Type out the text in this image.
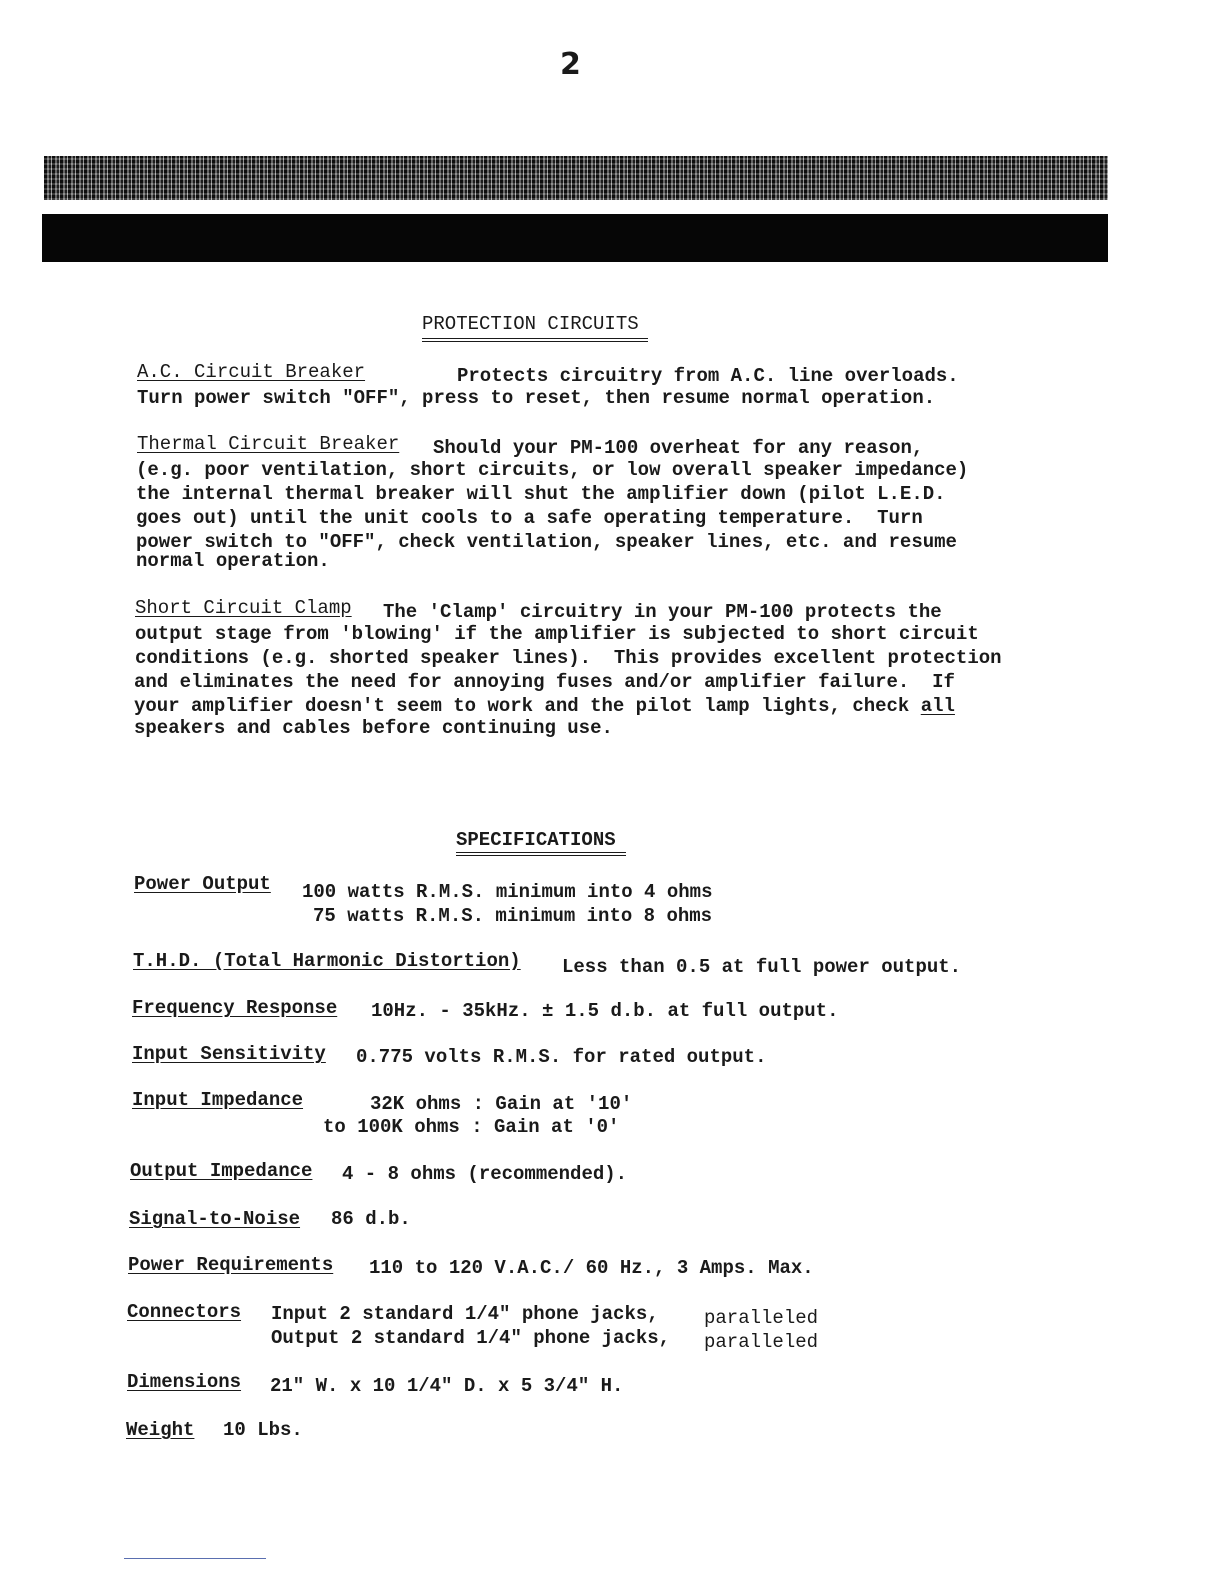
2
PROTECTION CIRCUITS
A.C. Circuit Breaker	Protects circuitry from A.C. line overloads.
Turn power switch "OFF", press to reset, then resume normal operation.
Thermal Circuit Breaker Should your PM-100 overheat for any reason,
(e.g. poor ventilation, short circuits, or low overall speaker impedance)
the internal thermal breaker will shut the amplifier down (pilot L.E.D.
goes out) until the unit cools to a safe operating temperature.  Turn
power switch to "OFF", check ventilation, speaker lines, etc. and resume
normal operation.
Short Circuit Clamp The 'Clamp' circuitry in your PM-100 protects the
output stage from 'blowing' if the amplifier is subjected to short circuit
conditions (e.g. shorted speaker lines).  This provides excellent protection
and eliminates the need for annoying fuses and/or amplifier failure.  If
your amplifier doesn't seem to work and the pilot lamp lights, check all
speakers and cables before continuing use.
SPECIFICATIONS
Power Output 100 watts R.M.S. minimum into 4 ohms
75 watts R.M.S. minimum into 8 ohms
T.H.D. (Total Harmonic Distortion) Less than 0.5 at full power output.
Frequency Response 10Hz. - 35kHz. ± 1.5 d.b. at full output.
Input Sensitivity 0.775 volts R.M.S. for rated output.
Input Impedance	32K ohms : Gain at '10'
to 100K ohms : Gain at '0'
Output Impedance 4 - 8 ohms (recommended).
Signal-to-Noise 86 d.b.
Power Requirements 110 to 120 V.A.C./ 60 Hz., 3 Amps. Max.
Connectors Input 2 standard 1/4" phone jacks, paralleled
Output 2 standard 1/4" phone jacks, paralleled
Dimensions 21" W. x 10 1/4" D. x 5 3/4" H.
Weight 10 Lbs.
